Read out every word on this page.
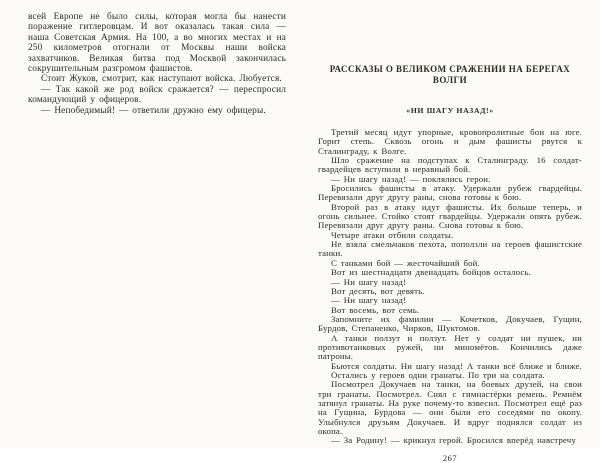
всей Европе не было силы, которая могла бы нанести поражение гитлеровцам. И вот оказалась такая сила — наша Советская Армия. На 100, а во многих местах и на 250 километров отогнали от Москвы наши войска захватчиков. Великая битва под Москвой закончилась сокрушительным разгромом фашистов.

Стоит Жуков, смотрит, как наступают войска. Любуется.

— Так какой же род войск сражается? — переспросил командующий у офицеров.

— Непобедимый! — ответили дружно ему офицеры.

РАССКАЗЫ О ВЕЛИКОМ СРАЖЕНИИ НА БЕРЕГАХ ВОЛГИ
«НИ ШАГУ НАЗАД!»

Третий месяц идут упорные, кровопролитные бои на юге. Горит степь. Сквозь огонь и дым фашисты рвутся к Сталинграду, к Волге.

Шло сражение на подступах к Сталинграду. 16 солдат-гвардейцев вступили в неравный бой.

— Ни шагу назад! — поклялись герои.

Бросились фашисты в атаку. Удержали рубеж гвардейцы. Перевязали друг другу раны, снова готовы к бою.

Второй раз в атаку идут фашисты. Их больше теперь, и огонь сильнее. Стойко стоят гвардейцы. Удержали опять рубеж. Перевязали друг другу раны. Снова готовы к бою.

Четыре атаки отбили солдаты.

Не взяла смельчаков пехота, поползли на героев фашистские танки.

С танками бой — жесточайший бой.

Вот из шестнадцати двенадцать бойцов осталось.

— Ни шагу назад!

Вот десять, вот девять.

— Ни шагу назад!

Вот восемь, вот семь.

Запомните их фамилии — Кочетков, Докучаев, Гущин, Бурдов, Степаненко, Чирков, Шуктомов.

А танки ползут и ползут. Нет у солдат ни пушек, ни противотанковых ружей, ни миномётов. Кончились даже патроны.

Бьются солдаты. Ни шагу назад! А танки всё ближе и ближе.

Остались у героев одни гранаты. По три на солдата.

Посмотрел Докучаев на танки, на боевых друзей, на свои три гранаты. Посмотрел. Снял с гимнастёрки ремень. Ремнём затянул гранаты. На руке почему-то взвесил. Посмотрел ещё раз на Гущина, Бурдова — они были его соседями по окопу. Улыбнулся друзьям Докучаев. И вдруг поднялся солдат из окопа.

— За Родину! — крикнул герой. Бросился вперёд навстречу

267
